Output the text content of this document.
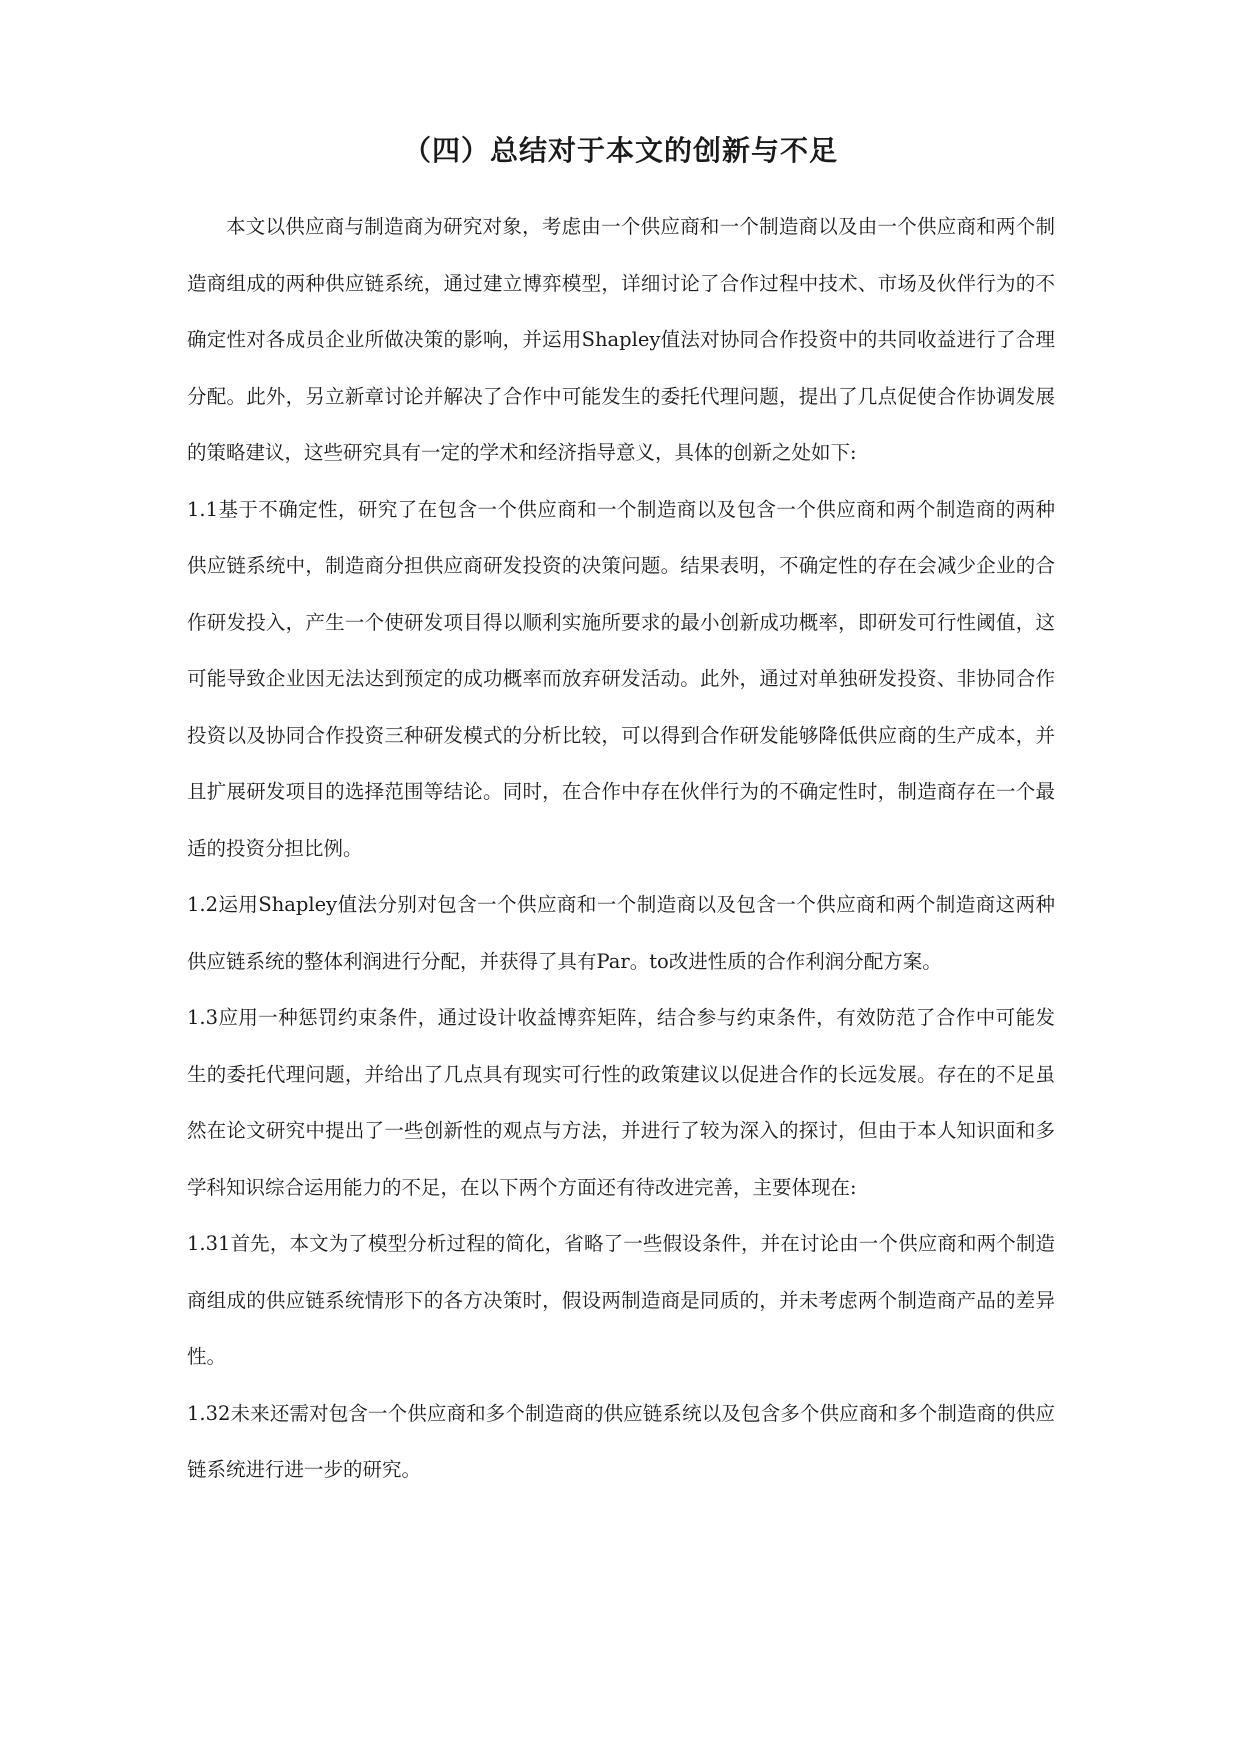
（四）总结对于本文的创新与不足

本文以供应商与制造商为研究对象，考虑由一个供应商和一个制造商以及由一个供应商和两个制造商组成的两种供应链系统，通过建立博弈模型，详细讨论了合作过程中技术、市场及伙伴行为的不确定性对各成员企业所做决策的影响，并运用Shapley值法对协同合作投资中的共同收益进行了合理分配。此外，另立新章讨论并解决了合作中可能发生的委托代理问题，提出了几点促使合作协调发展的策略建议，这些研究具有一定的学术和经济指导意义，具体的创新之处如下:

1.1基于不确定性，研究了在包含一个供应商和一个制造商以及包含一个供应商和两个制造商的两种供应链系统中，制造商分担供应商研发投资的决策问题。结果表明，不确定性的存在会减少企业的合作研发投入，产生一个使研发项目得以顺利实施所要求的最小创新成功概率，即研发可行性阈值，这可能导致企业因无法达到预定的成功概率而放弃研发活动。此外，通过对单独研发投资、非协同合作投资以及协同合作投资三种研发模式的分析比较，可以得到合作研发能够降低供应商的生产成本，并且扩展研发项目的选择范围等结论。同时，在合作中存在伙伴行为的不确定性时，制造商存在一个最适的投资分担比例。

1.2运用Shapley值法分别对包含一个供应商和一个制造商以及包含一个供应商和两个制造商这两种供应链系统的整体利润进行分配，并获得了具有Par。to改进性质的合作利润分配方案。

1.3应用一种惩罚约束条件，通过设计收益博弈矩阵，结合参与约束条件，有效防范了合作中可能发生的委托代理问题，并给出了几点具有现实可行性的政策建议以促进合作的长远发展。存在的不足虽然在论文研究中提出了一些创新性的观点与方法，并进行了较为深入的探讨，但由于本人知识面和多学科知识综合运用能力的不足，在以下两个方面还有待改进完善，主要体现在:

1.31首先，本文为了模型分析过程的简化，省略了一些假设条件，并在讨论由一个供应商和两个制造商组成的供应链系统情形下的各方决策时，假设两制造商是同质的，并未考虑两个制造商产品的差异性。

1.32未来还需对包含一个供应商和多个制造商的供应链系统以及包含多个供应商和多个制造商的供应链系统进行进一步的研究。
